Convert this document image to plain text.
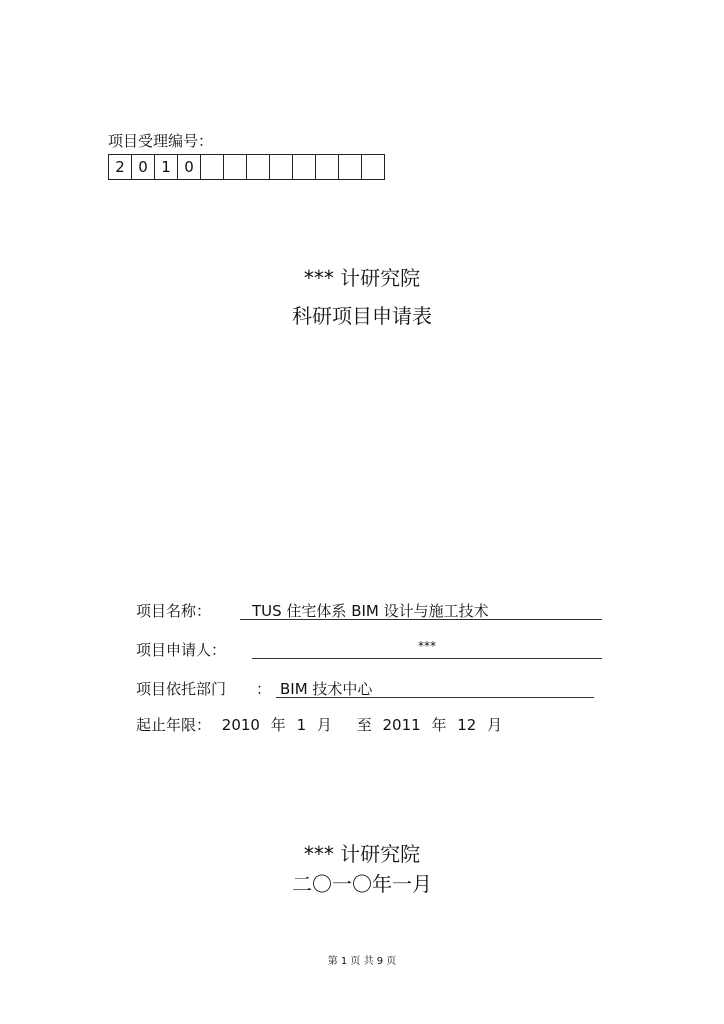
项目受理编号：
2 0 1 0
*** 计研究院
科研项目申请表
项目名称：	TUS 住宅体系 BIM 设计与施工技术
项目申请人：	***
项目依托部门 ： BIM 技术中心
起止年限： 2010 年 1 月 至 2011 年 12 月
*** 计研究院
二〇一〇年一月
第 1 页 共 9 页
